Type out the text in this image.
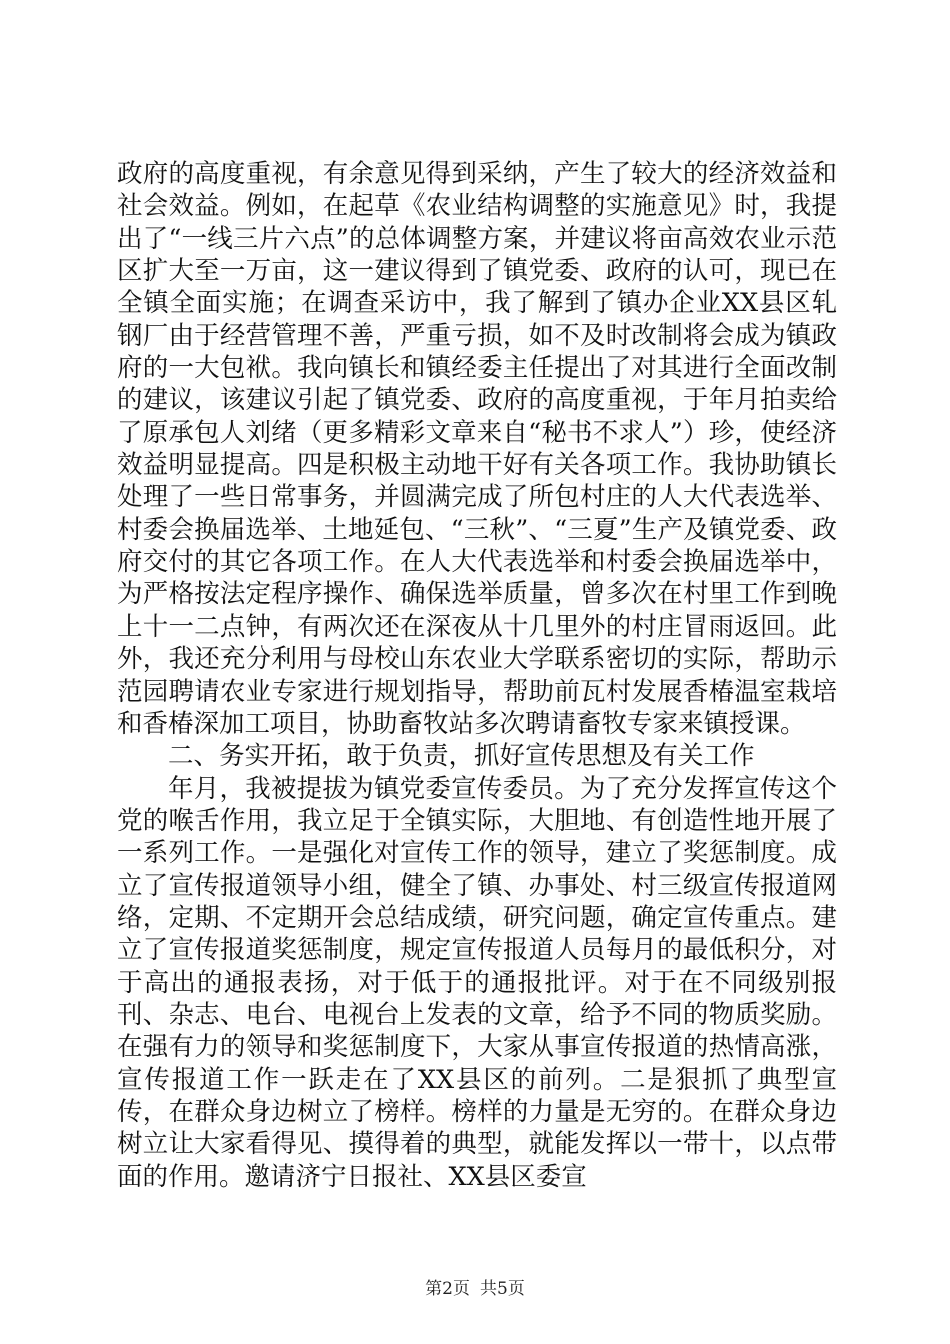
政府的高度重视，有余意见得到采纳，产生了较大的经济效益和社会效益。例如，在起草《农业结构调整的实施意见》时，我提出了“一线三片六点”的总体调整方案，并建议将亩高效农业示范区扩大至一万亩，这一建议得到了镇党委、政府的认可，现已在全镇全面实施；在调查采访中，我了解到了镇办企业XX县区轧钢厂由于经营管理不善，严重亏损，如不及时改制将会成为镇政府的一大包袱。我向镇长和镇经委主任提出了对其进行全面改制的建议，该建议引起了镇党委、政府的高度重视，于年月拍卖给了原承包人刘绪（更多精彩文章来自“秘书不求人”）珍，使经济效益明显提高。四是积极主动地干好有关各项工作。我协助镇长处理了一些日常事务，并圆满完成了所包村庄的人大代表选举、村委会换届选举、土地延包、“三秋”、“三夏”生产及镇党委、政府交付的其它各项工作。在人大代表选举和村委会换届选举中，为严格按法定程序操作、确保选举质量，曾多次在村里工作到晚上十一二点钟，有两次还在深夜从十几里外的村庄冒雨返回。此外，我还充分利用与母校山东农业大学联系密切的实际，帮助示范园聘请农业专家进行规划指导，帮助前瓦村发展香椿温室栽培和香椿深加工项目，协助畜牧站多次聘请畜牧专家来镇授课。

二、务实开拓，敢于负责，抓好宣传思想及有关工作

年月，我被提拔为镇党委宣传委员。为了充分发挥宣传这个党的喉舌作用，我立足于全镇实际，大胆地、有创造性地开展了一系列工作。一是强化对宣传工作的领导，建立了奖惩制度。成立了宣传报道领导小组，健全了镇、办事处、村三级宣传报道网络，定期、不定期开会总结成绩，研究问题，确定宣传重点。建立了宣传报道奖惩制度，规定宣传报道人员每月的最低积分，对于高出的通报表扬，对于低于的通报批评。对于在不同级别报刊、杂志、电台、电视台上发表的文章，给予不同的物质奖励。在强有力的领导和奖惩制度下，大家从事宣传报道的热情高涨，宣传报道工作一跃走在了XX县区的前列。二是狠抓了典型宣传，在群众身边树立了榜样。榜样的力量是无穷的。在群众身边树立让大家看得见、摸得着的典型，就能发挥以一带十，以点带面的作用。邀请济宁日报社、XX县区委宣

第2页 共5页
